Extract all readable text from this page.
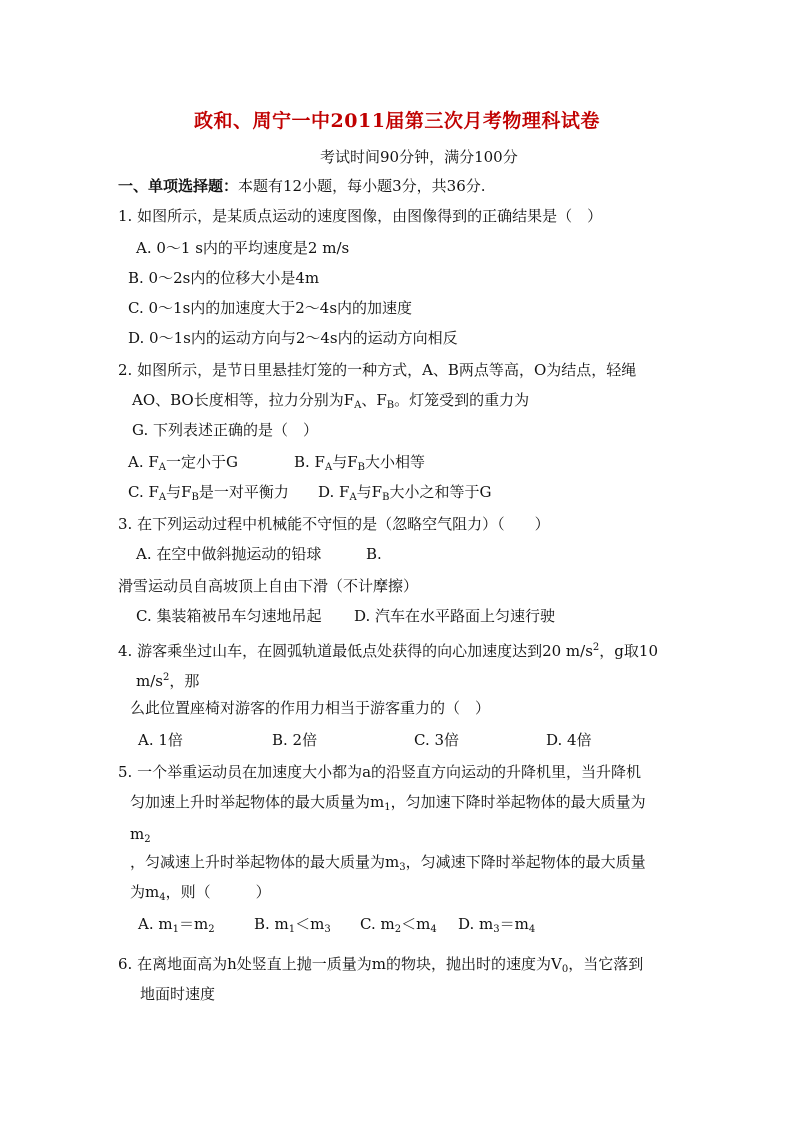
政和、周宁一中2011届第三次月考物理科试卷
考试时间90分钟，满分100分
一、单项选择题：本题有12小题，每小题3分，共36分.
1. 如图所示，是某质点运动的速度图像，由图像得到的正确结果是（　）
A. 0～1 s内的平均速度是2 m/s
B. 0～2s内的位移大小是4m
C. 0～1s内的加速度大于2～4s内的加速度
D. 0～1s内的运动方向与2～4s内的运动方向相反
2. 如图所示，是节日里悬挂灯笼的一种方式，A、B两点等高，O为结点，轻绳
AO、BO长度相等，拉力分别为$F_A$、$F_B$。灯笼受到的重力为
G. 下列表述正确的是（　）
A. $F_A$一定小于G	B. $F_A$与$F_B$大小相等
C. $F_A$与$F_B$是一对平衡力 D. $F_A$与$F_B$大小之和等于G
3. 在下列运动过程中机械能不守恒的是（忽略空气阻力）（　　）
A. 在空中做斜抛运动的铅球	B.
滑雪运动员自高坡顶上自由下滑（不计摩擦）
C. 集装箱被吊车匀速地吊起 D. 汽车在水平路面上匀速行驶
4. 游客乘坐过山车，在圆弧轨道最低点处获得的向心加速度达到20 $m/s^2$，g取10
$m/s^2$，那
么此位置座椅对游客的作用力相当于游客重力的（　）
A. 1倍	B. 2倍	C. 3倍	D. 4倍
5. 一个举重运动员在加速度大小都为a的沿竖直方向运动的升降机里，当升降机
匀加速上升时举起物体的最大质量为$m_1$，匀加速下降时举起物体的最大质量为
$m_2$
，匀减速上升时举起物体的最大质量为$m_3$，匀减速下降时举起物体的最大质量
为$m_4$，则（　　　）
A. $m_1=m_2$	B. $m_1<m_3$ C. $m_2<m_4$ D. $m_3=m_4$
6. 在离地面高为h处竖直上抛一质量为m的物块，抛出时的速度为$V_0$，当它落到
地面时速度
